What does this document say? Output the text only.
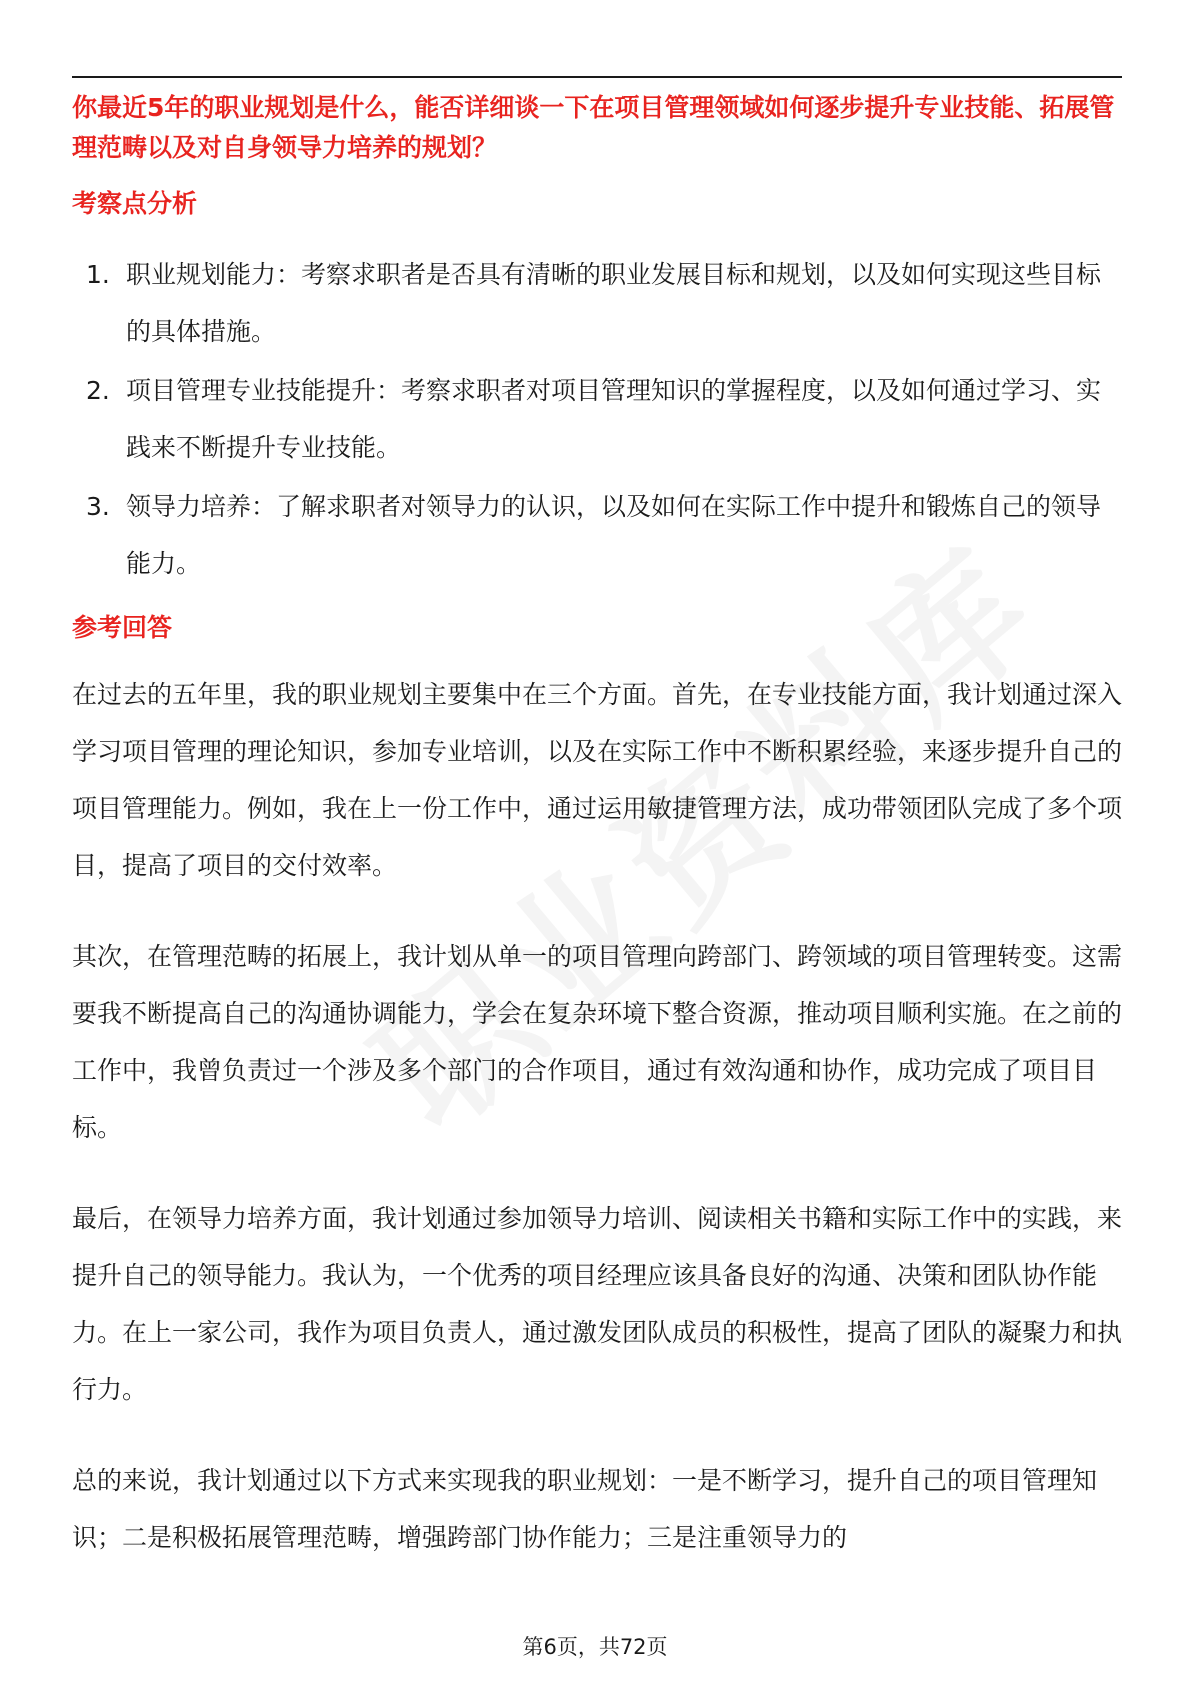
你最近5年的职业规划是什么，能否详细谈一下在项目管理领域如何逐步提升专业技能、拓展管理范畴以及对自身领导力培养的规划？

考察点分析
1. 职业规划能力：考察求职者是否具有清晰的职业发展目标和规划，以及如何实现这些目标的具体措施。
2. 项目管理专业技能提升：考察求职者对项目管理知识的掌握程度，以及如何通过学习、实践来不断提升专业技能。
3. 领导力培养：了解求职者对领导力的认识，以及如何在实际工作中提升和锻炼自己的领导能力。
参考回答

在过去的五年里，我的职业规划主要集中在三个方面。首先，在专业技能方面，我计划通过深入学习项目管理的理论知识，参加专业培训，以及在实际工作中不断积累经验，来逐步提升自己的项目管理能力。例如，我在上一份工作中，通过运用敏捷管理方法，成功带领团队完成了多个项目，提高了项目的交付效率。

其次，在管理范畴的拓展上，我计划从单一的项目管理向跨部门、跨领域的项目管理转变。这需要我不断提高自己的沟通协调能力，学会在复杂环境下整合资源，推动项目顺利实施。在之前的工作中，我曾负责过一个涉及多个部门的合作项目，通过有效沟通和协作，成功完成了项目目标。

最后，在领导力培养方面，我计划通过参加领导力培训、阅读相关书籍和实际工作中的实践，来提升自己的领导能力。我认为，一个优秀的项目经理应该具备良好的沟通、决策和团队协作能力。在上一家公司，我作为项目负责人，通过激发团队成员的积极性，提高了团队的凝聚力和执行力。

总的来说，我计划通过以下方式来实现我的职业规划：一是不断学习，提升自己的项目管理知识；二是积极拓展管理范畴，增强跨部门协作能力；三是注重领导力的

第6页，共72页
